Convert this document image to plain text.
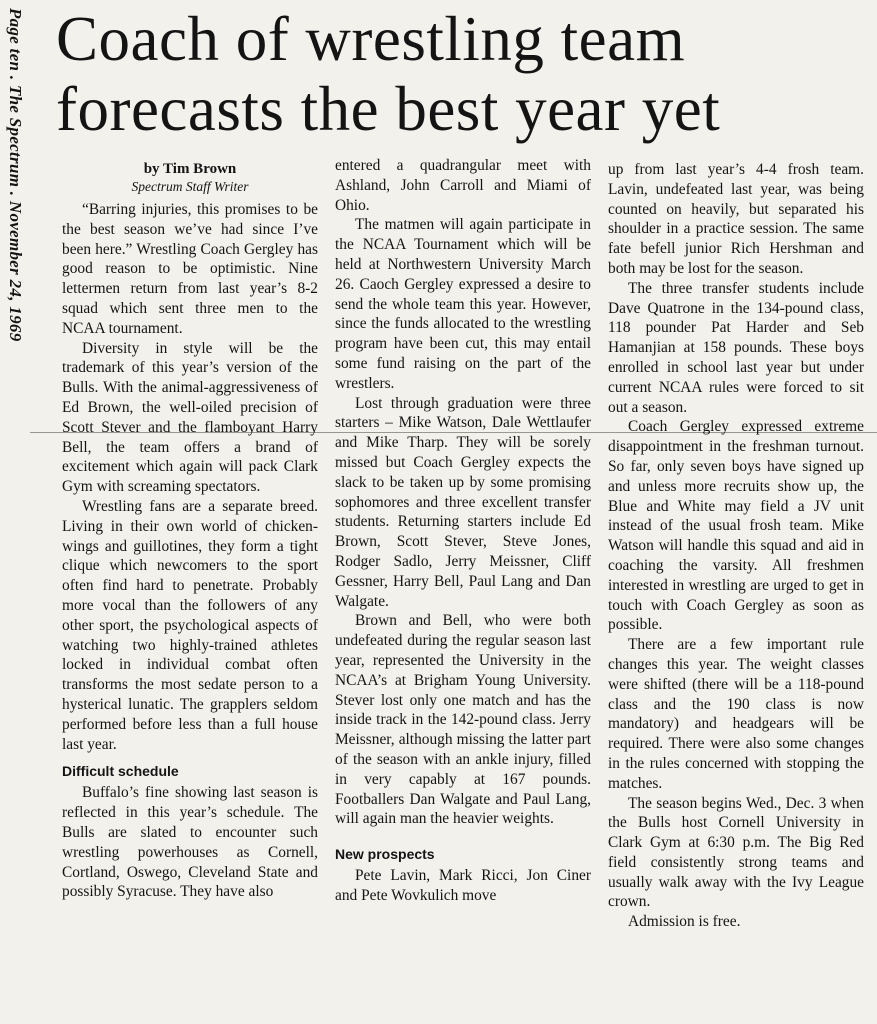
Page ten . The Spectrum . November 24, 1969 Coach of wrestling team
forecasts the best year yet
by Tim Brown
Spectrum Staff Writer

“Barring injuries, this promises to be the best season we’ve had since I’ve been here.” Wrestling Coach Gergley has good reason to be optimistic. Nine lettermen return from last year’s 8-2 squad which sent three men to the NCAA tournament.

Diversity in style will be the trademark of this year’s version of the Bulls. With the animal-aggressiveness of Ed Brown, the well-oiled precision of Scott Stever and the flamboyant Harry Bell, the team offers a brand of excitement which again will pack Clark Gym with screaming spectators.

Wrestling fans are a separate breed. Living in their own world of chicken-wings and guillotines, they form a tight clique which newcomers to the sport often find hard to penetrate. Probably more vocal than the followers of any other sport, the psychological aspects of watching two highly-trained athletes locked in individual combat often transforms the most sedate person to a hysterical lunatic. The grapplers seldom performed before less than a full house last year.

Difficult schedule

Buffalo’s fine showing last season is reflected in this year’s schedule. The Bulls are slated to encounter such wrestling powerhouses as Cornell, Cortland, Oswego, Cleveland State and possibly Syracuse. They have also

entered a quadrangular meet with Ashland, John Carroll and Miami of Ohio.

The matmen will again participate in the NCAA Tournament which will be held at Northwestern University March 26. Caoch Gergley expressed a desire to send the whole team this year. However, since the funds allocated to the wrestling program have been cut, this may entail some fund raising on the part of the wrestlers.

Lost through graduation were three starters – Mike Watson, Dale Wettlaufer and Mike Tharp. They will be sorely missed but Coach Gergley expects the slack to be taken up by some promising sophomores and three excellent transfer students. Returning starters include Ed Brown, Scott Stever, Steve Jones, Rodger Sadlo, Jerry Meissner, Cliff Gessner, Harry Bell, Paul Lang and Dan Walgate.

Brown and Bell, who were both undefeated during the regular season last year, represented the University in the NCAA’s at Brigham Young University. Stever lost only one match and has the inside track in the 142-pound class. Jerry Meissner, although missing the latter part of the season with an ankle injury, filled in very capably at 167 pounds. Footballers Dan Walgate and Paul Lang, will again man the heavier weights.

New prospects

Pete Lavin, Mark Ricci, Jon Ciner and Pete Wovkulich move

up from last year’s 4-4 frosh team. Lavin, undefeated last year, was being counted on heavily, but separated his shoulder in a practice session. The same fate befell junior Rich Hershman and both may be lost for the season.

The three transfer students include Dave Quatrone in the 134-pound class, 118 pounder Pat Harder and Seb Hamanjian at 158 pounds. These boys enrolled in school last year but under current NCAA rules were forced to sit out a season.

Coach Gergley expressed extreme disappointment in the freshman turnout. So far, only seven boys have signed up and unless more recruits show up, the Blue and White may field a JV unit instead of the usual frosh team. Mike Watson will handle this squad and aid in coaching the varsity. All freshmen interested in wrestling are urged to get in touch with Coach Gergley as soon as possible.

There are a few important rule changes this year. The weight classes were shifted (there will be a 118-pound class and the 190 class is now mandatory) and headgears will be required. There were also some changes in the rules concerned with stopping the matches.

The season begins Wed., Dec. 3 when the Bulls host Cornell University in Clark Gym at 6:30 p.m. The Big Red field consistently strong teams and usually walk away with the Ivy League crown.

Admission is free.
